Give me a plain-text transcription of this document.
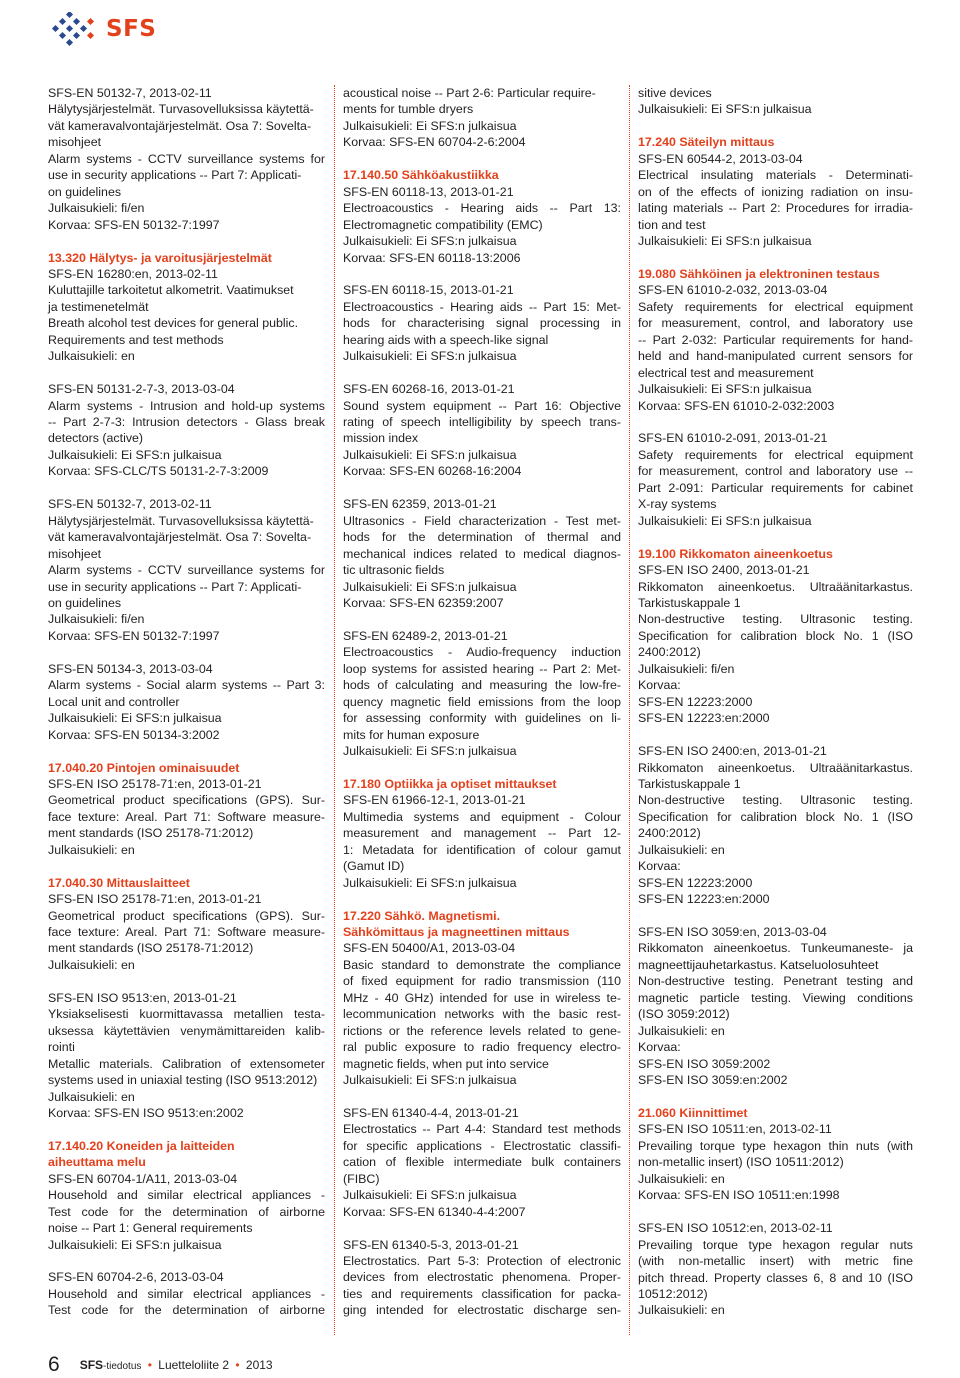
SFS
SFS-EN 50132-7, 2013-02-11
Hälytysjärjestelmät. Turvasovelluksissa käytettä-
vät kameravalvontajärjestelmät. Osa 7: Soveltа-
misohjeet
Alarm systems - CCTV surveillance systems for
use in security applications -- Part 7: Applicati-
on guidelines
Julkaisukieli: fi/en
Korvaa: SFS-EN 50132-7:1997
13.320 Hälytys- ja varoitusjärjestelmät
SFS-EN 16280:en, 2013-02-11
Kuluttajille tarkoitetut alkometrit. Vaatimukset
ja testimenetelmät
Breath alcohol test devices for general public.
Requirements and test methods
Julkaisukieli: en
SFS-EN 50131-2-7-3, 2013-03-04
Alarm systems - Intrusion and hold-up systems
-- Part 2-7-3: Intrusion detectors - Glass break
detectors (active)
Julkaisukieli: Ei SFS:n julkaisua
Korvaa: SFS-CLC/TS 50131-2-7-3:2009
SFS-EN 50132-7, 2013-02-11
Hälytysjärjestelmät. Turvasovelluksissa käytettä-
vät kameravalvontajärjestelmät. Osa 7: Soveltа-
misohjeet
Alarm systems - CCTV surveillance systems for
use in security applications -- Part 7: Applicati-
on guidelines
Julkaisukieli: fi/en
Korvaa: SFS-EN 50132-7:1997
SFS-EN 50134-3, 2013-03-04
Alarm systems - Social alarm systems -- Part 3:
Local unit and controller
Julkaisukieli: Ei SFS:n julkaisua
Korvaa: SFS-EN 50134-3:2002
17.040.20 Pintojen ominaisuudet
SFS-EN ISO 25178-71:en, 2013-01-21
Geometrical product specifications (GPS). Sur-
face texture: Areal. Part 71: Software measure-
ment standards (ISO 25178-71:2012)
Julkaisukieli: en
17.040.30 Mittauslaitteet
SFS-EN ISO 25178-71:en, 2013-01-21
Geometrical product specifications (GPS). Sur-
face texture: Areal. Part 71: Software measure-
ment standards (ISO 25178-71:2012)
Julkaisukieli: en
SFS-EN ISO 9513:en, 2013-01-21
Yksiakselisesti kuormittavassa metallien testa-
uksessa käytettävien venymämittareiden kalib-
rointi
Metallic materials. Calibration of extensometer
systems used in uniaxial testing (ISO 9513:2012)
Julkaisukieli: en
Korvaa: SFS-EN ISO 9513:en:2002
17.140.20 Koneiden ja laitteiden
aiheuttama melu
SFS-EN 60704-1/A11, 2013-03-04
Household and similar electrical appliances -
Test code for the determination of airborne
noise -- Part 1: General requirements
Julkaisukieli: Ei SFS:n julkaisua
SFS-EN 60704-2-6, 2013-03-04
Household and similar electrical appliances -
Test code for the determination of airborne
acoustical noise -- Part 2-6: Particular require-
ments for tumble dryers
Julkaisukieli: Ei SFS:n julkaisua
Korvaa: SFS-EN 60704-2-6:2004
17.140.50 Sähköakustiikka
SFS-EN 60118-13, 2013-01-21
Electroacoustics - Hearing aids -- Part 13:
Electromagnetic compatibility (EMC)
Julkaisukieli: Ei SFS:n julkaisua
Korvaa: SFS-EN 60118-13:2006
SFS-EN 60118-15, 2013-01-21
Electroacoustics - Hearing aids -- Part 15: Met-
hods for characterising signal processing in
hearing aids with a speech-like signal
Julkaisukieli: Ei SFS:n julkaisua
SFS-EN 60268-16, 2013-01-21
Sound system equipment -- Part 16: Objective
rating of speech intelligibility by speech trans-
mission index
Julkaisukieli: Ei SFS:n julkaisua
Korvaa: SFS-EN 60268-16:2004
SFS-EN 62359, 2013-01-21
Ultrasonics - Field characterization - Test met-
hods for the determination of thermal and
mechanical indices related to medical diagnos-
tic ultrasonic fields
Julkaisukieli: Ei SFS:n julkaisua
Korvaa: SFS-EN 62359:2007
SFS-EN 62489-2, 2013-01-21
Electroacoustics - Audio-frequency induction
loop systems for assisted hearing -- Part 2: Met-
hods of calculating and measuring the low-fre-
quency magnetic field emissions from the loop
for assessing conformity with guidelines on li-
mits for human exposure
Julkaisukieli: Ei SFS:n julkaisua
17.180 Optiikka ja optiset mittaukset
SFS-EN 61966-12-1, 2013-01-21
Multimedia systems and equipment - Colour
measurement and management -- Part 12-
1: Metadata for identification of colour gamut
(Gamut ID)
Julkaisukieli: Ei SFS:n julkaisua
17.220 Sähkö. Magnetismi.
Sähkömittaus ja magneettinen mittaus
SFS-EN 50400/A1, 2013-03-04
Basic standard to demonstrate the compliance
of fixed equipment for radio transmission (110
MHz - 40 GHz) intended for use in wireless te-
lecommunication networks with the basic rest-
rictions or the reference levels related to gene-
ral public exposure to radio frequency electro-
magnetic fields, when put into service
Julkaisukieli: Ei SFS:n julkaisua
SFS-EN 61340-4-4, 2013-01-21
Electrostatics -- Part 4-4: Standard test methods
for specific applications - Electrostatic classifi-
cation of flexible intermediate bulk containers
(FIBC)
Julkaisukieli: Ei SFS:n julkaisua
Korvaa: SFS-EN 61340-4-4:2007
SFS-EN 61340-5-3, 2013-01-21
Electrostatics. Part 5-3: Protection of electronic
devices from electrostatic phenomena. Proper-
ties and requirements classification for packa-
ging intended for electrostatic discharge sen-
sitive devices
Julkaisukieli: Ei SFS:n julkaisua
17.240 Säteilyn mittaus
SFS-EN 60544-2, 2013-03-04
Electrical insulating materials - Determinati-
on of the effects of ionizing radiation on insu-
lating materials -- Part 2: Procedures for irradia-
tion and test
Julkaisukieli: Ei SFS:n julkaisua
19.080 Sähköinen ja elektroninen testaus
SFS-EN 61010-2-032, 2013-03-04
Safety requirements for electrical equipment
for measurement, control, and laboratory use
-- Part 2-032: Particular requirements for hand-
held and hand-manipulated current sensors for
electrical test and measurement
Julkaisukieli: Ei SFS:n julkaisua
Korvaa: SFS-EN 61010-2-032:2003
SFS-EN 61010-2-091, 2013-01-21
Safety requirements for electrical equipment
for measurement, control and laboratory use --
Part 2-091: Particular requirements for cabinet
X-ray systems
Julkaisukieli: Ei SFS:n julkaisua
19.100 Rikkomaton aineenkoetus
SFS-EN ISO 2400, 2013-01-21
Rikkomaton aineenkoetus. Ultraäänitarkastus.
Tarkistuskappale 1
Non-destructive testing. Ultrasonic testing.
Specification for calibration block No. 1 (ISO
2400:2012)
Julkaisukieli: fi/en
Korvaa:
SFS-EN 12223:2000
SFS-EN 12223:en:2000
SFS-EN ISO 2400:en, 2013-01-21
Rikkomaton aineenkoetus. Ultraäänitarkastus.
Tarkistuskappale 1
Non-destructive testing. Ultrasonic testing.
Specification for calibration block No. 1 (ISO
2400:2012)
Julkaisukieli: en
Korvaa:
SFS-EN 12223:2000
SFS-EN 12223:en:2000
SFS-EN ISO 3059:en, 2013-03-04
Rikkomaton aineenkoetus. Tunkeumaneste- ja
magneettijauhetarkastus. Katseluolosuhteet
Non-destructive testing. Penetrant testing and
magnetic particle testing. Viewing conditions
(ISO 3059:2012)
Julkaisukieli: en
Korvaa:
SFS-EN ISO 3059:2002
SFS-EN ISO 3059:en:2002
21.060 Kiinnittimet
SFS-EN ISO 10511:en, 2013-02-11
Prevailing torque type hexagon thin nuts (with
non-metallic insert) (ISO 10511:2012)
Julkaisukieli: en
Korvaa: SFS-EN ISO 10511:en:1998
SFS-EN ISO 10512:en, 2013-02-11
Prevailing torque type hexagon regular nuts
(with non-metallic insert) with metric fine
pitch thread. Property classes 6, 8 and 10 (ISO
10512:2012)
Julkaisukieli: en
6 SFS-tiedotus • Luetteloliite 2 • 2013
